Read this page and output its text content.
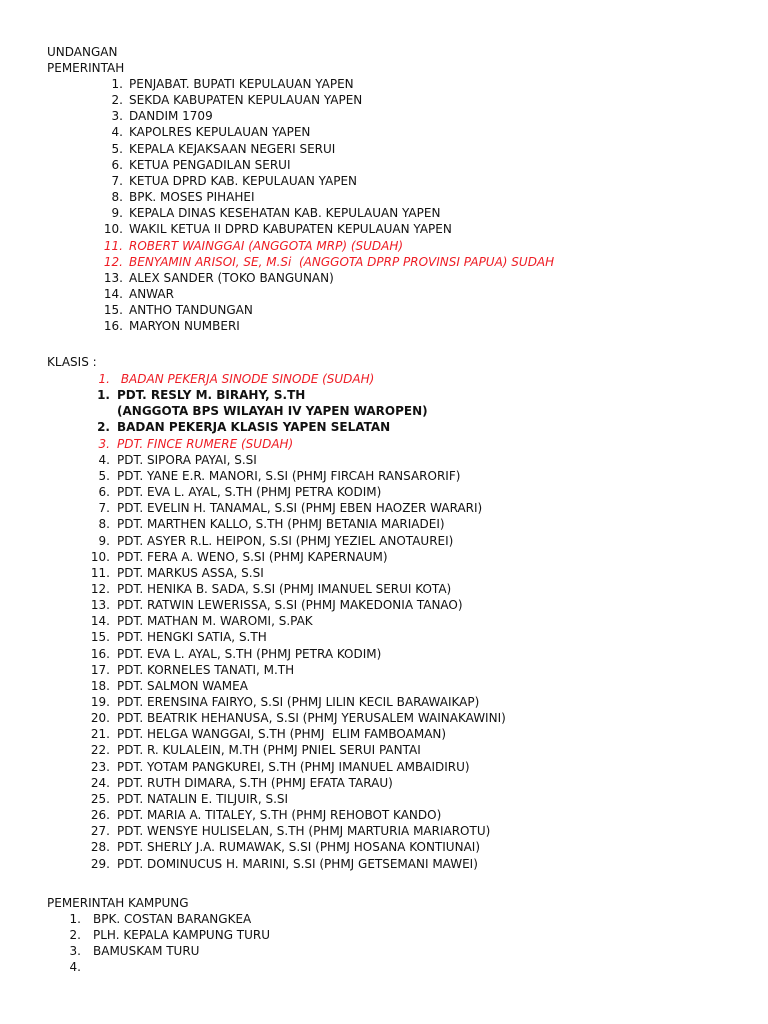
UNDANGAN
PEMERINTAH
1. PENJABAT. BUPATI KEPULAUAN YAPEN
2. SEKDA KABUPATEN KEPULAUAN YAPEN
3. DANDIM 1709
4. KAPOLRES KEPULAUAN YAPEN
5. KEPALA KEJAKSAAN NEGERI SERUI
6. KETUA PENGADILAN SERUI
7. KETUA DPRD KAB. KEPULAUAN YAPEN
8. BPK. MOSES PIHAHEI
9. KEPALA DINAS KESEHATAN KAB. KEPULAUAN YAPEN
10. WAKIL KETUA II DPRD KABUPATEN KEPULAUAN YAPEN
11. ROBERT WAINGGAI (ANGGOTA MRP) (SUDAH)
12. BENYAMIN ARISOI, SE, M.Si  (ANGGOTA DPRP PROVINSI PAPUA) SUDAH
13. ALEX SANDER (TOKO BANGUNAN)
14. ANWAR
15. ANTHO TANDUNGAN
16. MARYON NUMBERI
KLASIS :
1. BADAN PEKERJA SINODE SINODE (SUDAH)
1. PDT. RESLY M. BIRAHY, S.TH
(ANGGOTA BPS WILAYAH IV YAPEN WAROPEN)
2. BADAN PEKERJA KLASIS YAPEN SELATAN
3. PDT. FINCE RUMERE (SUDAH)
4. PDT. SIPORA PAYAI, S.SI
5. PDT. YANE E.R. MANORI, S.SI (PHMJ FIRCAH RANSARORIF)
6. PDT. EVA L. AYAL, S.TH (PHMJ PETRA KODIM)
7. PDT. EVELIN H. TANAMAL, S.SI (PHMJ EBEN HAOZER WARARI)
8. PDT. MARTHEN KALLO, S.TH (PHMJ BETANIA MARIADEI)
9. PDT. ASYER R.L. HEIPON, S.SI (PHMJ YEZIEL ANOTAUREI)
10. PDT. FERA A. WENO, S.SI (PHMJ KAPERNAUM)
11. PDT. MARKUS ASSA, S.SI
12. PDT. HENIKA B. SADA, S.SI (PHMJ IMANUEL SERUI KOTA)
13. PDT. RATWIN LEWERISSA, S.SI (PHMJ MAKEDONIA TANAO)
14. PDT. MATHAN M. WAROMI, S.PAK
15. PDT. HENGKI SATIA, S.TH
16. PDT. EVA L. AYAL, S.TH (PHMJ PETRA KODIM)
17. PDT. KORNELES TANATI, M.TH
18. PDT. SALMON WAMEA
19. PDT. ERENSINA FAIRYO, S.SI (PHMJ LILIN KECIL BARAWAIKAP)
20. PDT. BEATRIK HEHANUSA, S.SI (PHMJ YERUSALEM WAINAKAWINI)
21. PDT. HELGA WANGGAI, S.TH (PHMJ  ELIM FAMBOAMAN)
22. PDT. R. KULALEIN, M.TH (PHMJ PNIEL SERUI PANTAI
23. PDT. YOTAM PANGKUREI, S.TH (PHMJ IMANUEL AMBAIDIRU)
24. PDT. RUTH DIMARA, S.TH (PHMJ EFATA TARAU)
25. PDT. NATALIN E. TILJUIR, S.SI
26. PDT. MARIA A. TITALEY, S.TH (PHMJ REHOBOT KANDO)
27. PDT. WENSYE HULISELAN, S.TH (PHMJ MARTURIA MARIAROTU)
28. PDT. SHERLY J.A. RUMAWAK, S.SI (PHMJ HOSANA KONTIUNAI)
29. PDT. DOMINUCUS H. MARINI, S.SI (PHMJ GETSEMANI MAWEI)
PEMERINTAH KAMPUNG
1. BPK. COSTAN BARANGKEA
2. PLH. KEPALA KAMPUNG TURU
3. BAMUSKAM TURU
4.
